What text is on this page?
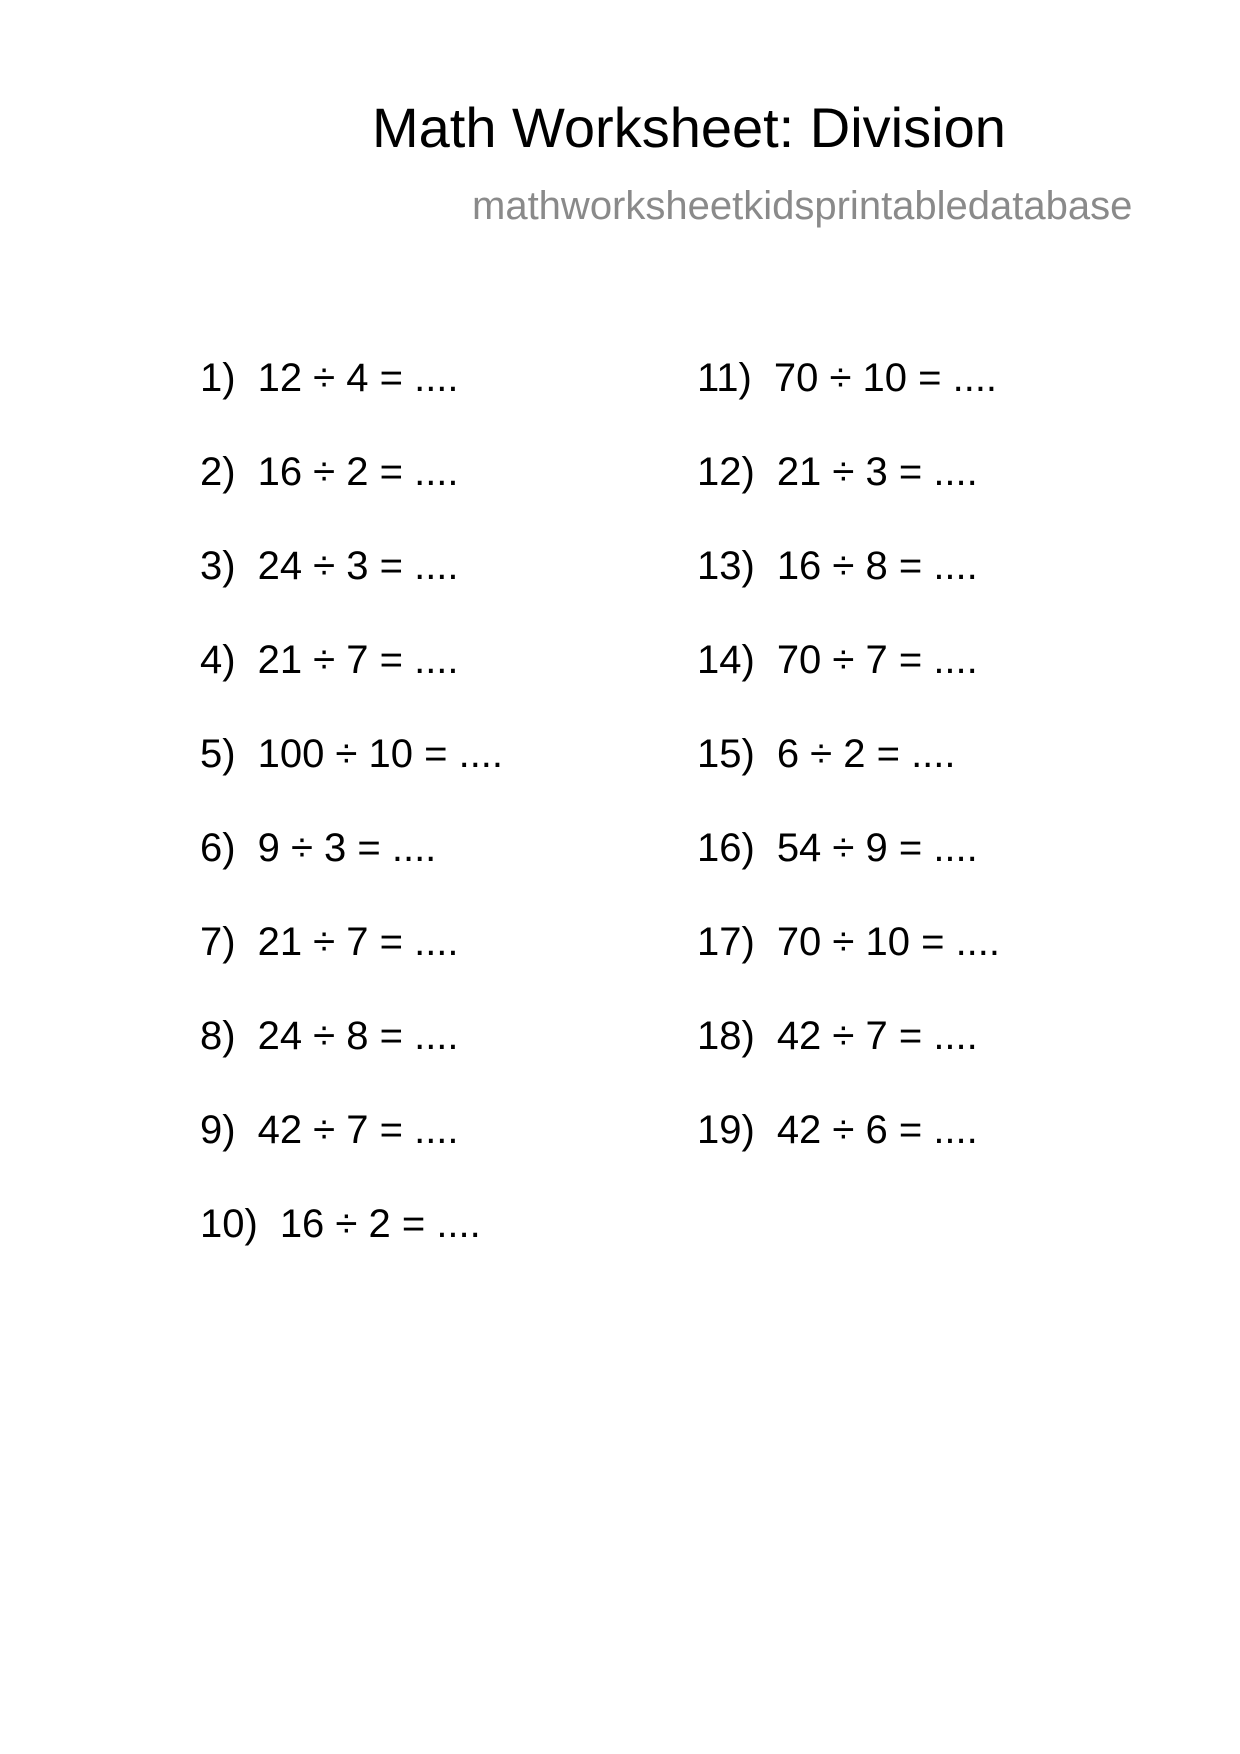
Math Worksheet: Division
mathworksheetkidsprintabledatabase
1) 12 ÷ 4 = ....
2) 16 ÷ 2 = ....
3) 24 ÷ 3 = ....
4) 21 ÷ 7 = ....
5) 100 ÷ 10 = ....
6) 9 ÷ 3 = ....
7) 21 ÷ 7 = ....
8) 24 ÷ 8 = ....
9) 42 ÷ 7 = ....
10) 16 ÷ 2 = ....
11) 70 ÷ 10 = ....
12) 21 ÷ 3 = ....
13) 16 ÷ 8 = ....
14) 70 ÷ 7 = ....
15) 6 ÷ 2 = ....
16) 54 ÷ 9 = ....
17) 70 ÷ 10 = ....
18) 42 ÷ 7 = ....
19) 42 ÷ 6 = ....
